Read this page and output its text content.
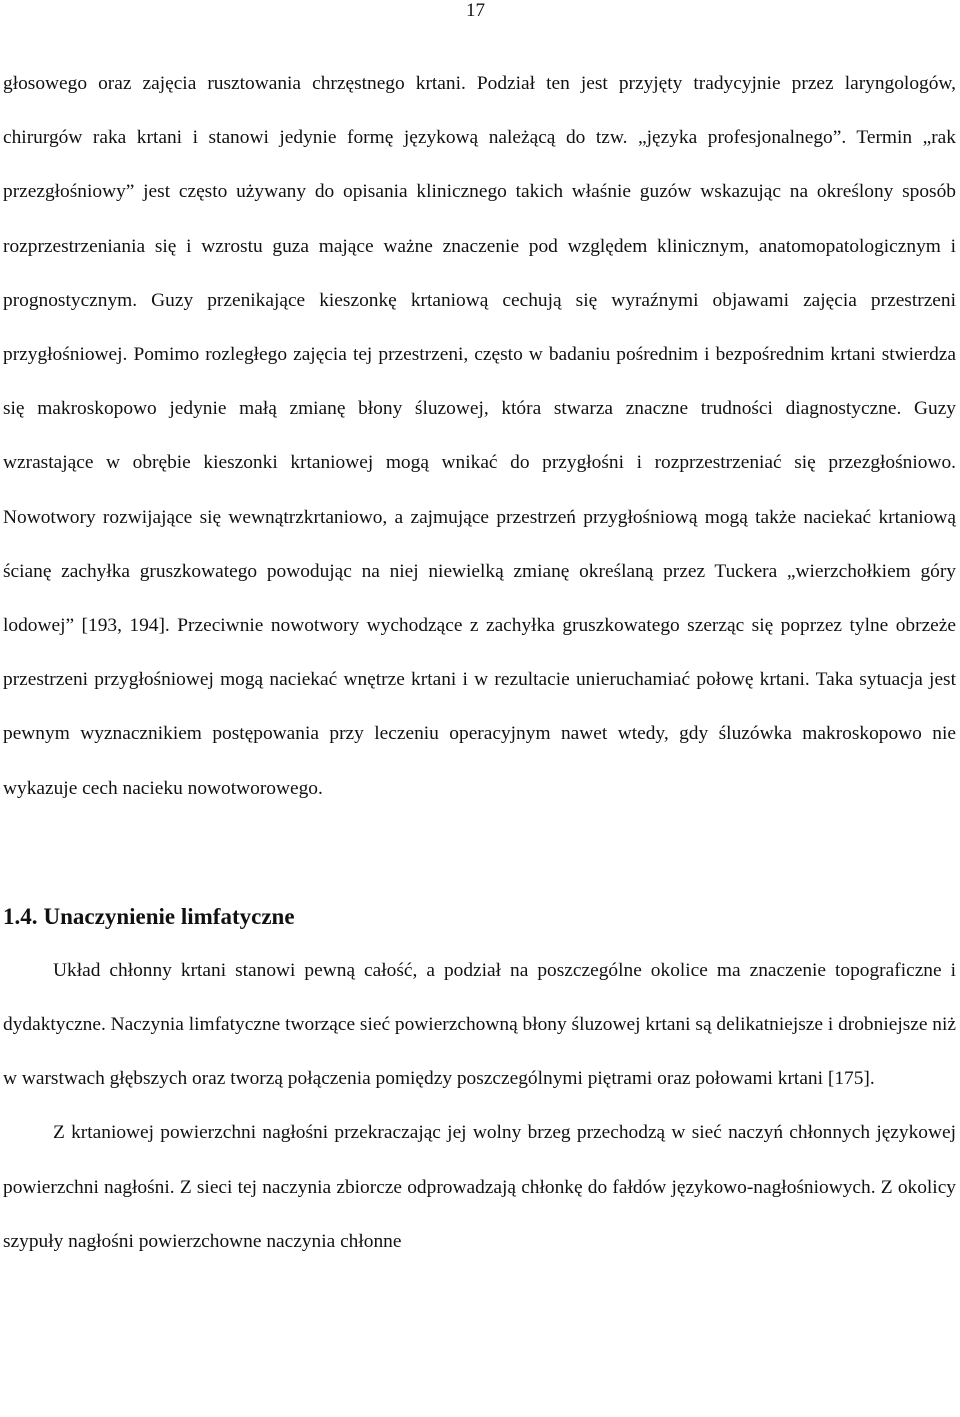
17

głosowego oraz zajęcia rusztowania chrzęstnego krtani. Podział ten jest przyjęty tradycyjnie przez laryngologów, chirurgów raka krtani i stanowi jedynie formę językową należącą do tzw. „języka profesjonalnego”. Termin „rak przezgłośniowy” jest często używany do opisania klinicznego takich właśnie guzów wskazując na określony sposób rozprzestrzeniania się i wzrostu guza mające ważne znaczenie pod względem klinicznym, anatomopatologicznym i prognostycznym. Guzy przenikające kieszonkę krtaniową cechują się wyraźnymi objawami zajęcia przestrzeni przygłośniowej. Pomimo rozległego zajęcia tej przestrzeni, często w badaniu pośrednim i bezpośrednim krtani stwierdza się makroskopowo jedynie małą zmianę błony śluzowej, która stwarza znaczne trudności diagnostyczne. Guzy wzrastające w obrębie kieszonki krtaniowej mogą wnikać do przygłośni i rozprzestrzeniać się przezgłośniowo. Nowotwory rozwijające się wewnątrzkrtaniowo, a zajmujące przestrzeń przygłośniową mogą także naciekać krtaniową ścianę zachyłka gruszkowatego powodując na niej niewielką zmianę określaną przez Tuckera „wierzchołkiem góry lodowej” [193, 194]. Przeciwnie nowotwory wychodzące z zachyłka gruszkowatego szerząc się poprzez tylne obrzeże przestrzeni przygłośniowej mogą naciekać wnętrze krtani i w rezultacie unieruchamiać połowę krtani. Taka sytuacja jest pewnym wyznacznikiem postępowania przy leczeniu operacyjnym nawet wtedy, gdy śluzówka makroskopowo nie wykazuje cech nacieku nowotworowego.

1.4. Unaczynienie limfatyczne

Układ chłonny krtani stanowi pewną całość, a podział na poszczególne okolice ma znaczenie topograficzne i dydaktyczne. Naczynia limfatyczne tworzące sieć powierzchowną błony śluzowej krtani są delikatniejsze i drobniejsze niż w warstwach głębszych oraz tworzą połączenia pomiędzy poszczególnymi piętrami oraz połowami krtani [175].

Z krtaniowej powierzchni nagłośni przekraczając jej wolny brzeg przechodzą w sieć naczyń chłonnych językowej powierzchni nagłośni. Z sieci tej naczynia zbiorcze odprowadzają chłonkę do fałdów językowo-nagłośniowych. Z okolicy szypuły nagłośni powierzchowne naczynia chłonne
